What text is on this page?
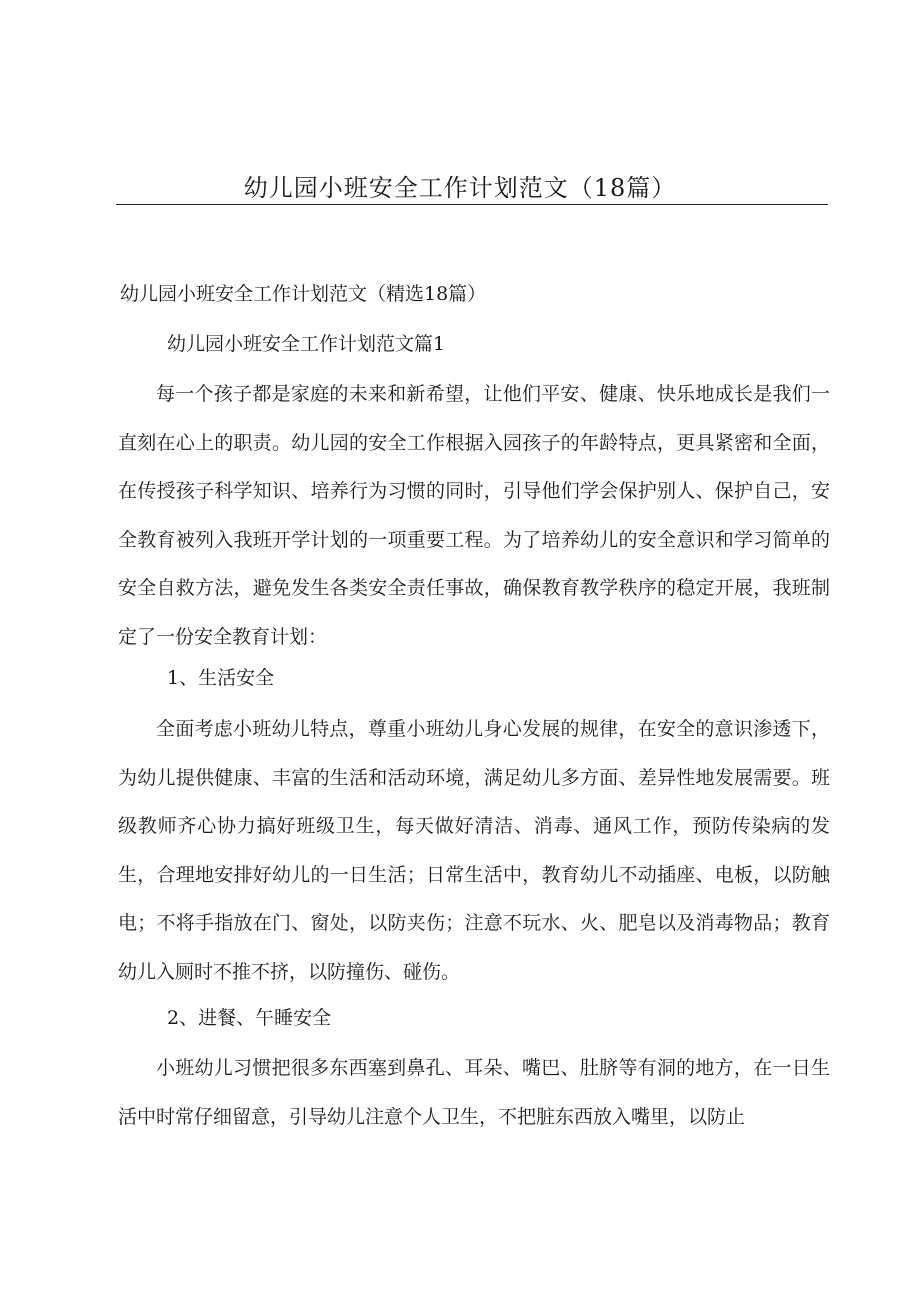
幼儿园小班安全工作计划范文（18篇）
幼儿园小班安全工作计划范文（精选18篇）
幼儿园小班安全工作计划范文篇1

每一个孩子都是家庭的未来和新希望，让他们平安、健康、快乐地成长是我们一直刻在心上的职责。幼儿园的安全工作根据入园孩子的年龄特点，更具紧密和全面，在传授孩子科学知识、培养行为习惯的同时，引导他们学会保护别人、保护自己，安全教育被列入我班开学计划的一项重要工程。为了培养幼儿的安全意识和学习简单的安全自救方法，避免发生各类安全责任事故，确保教育教学秩序的稳定开展，我班制定了一份安全教育计划：

1、生活安全

全面考虑小班幼儿特点，尊重小班幼儿身心发展的规律，在安全的意识渗透下，为幼儿提供健康、丰富的生活和活动环境，满足幼儿多方面、差异性地发展需要。班级教师齐心协力搞好班级卫生，每天做好清洁、消毒、通风工作，预防传染病的发生，合理地安排好幼儿的一日生活；日常生活中，教育幼儿不动插座、电板，以防触电；不将手指放在门、窗处，以防夹伤；注意不玩水、火、肥皂以及消毒物品；教育幼儿入厕时不推不挤，以防撞伤、碰伤。

2、进餐、午睡安全

小班幼儿习惯把很多东西塞到鼻孔、耳朵、嘴巴、肚脐等有洞的地方，在一日生活中时常仔细留意，引导幼儿注意个人卫生，不把脏东西放入嘴里，以防止
